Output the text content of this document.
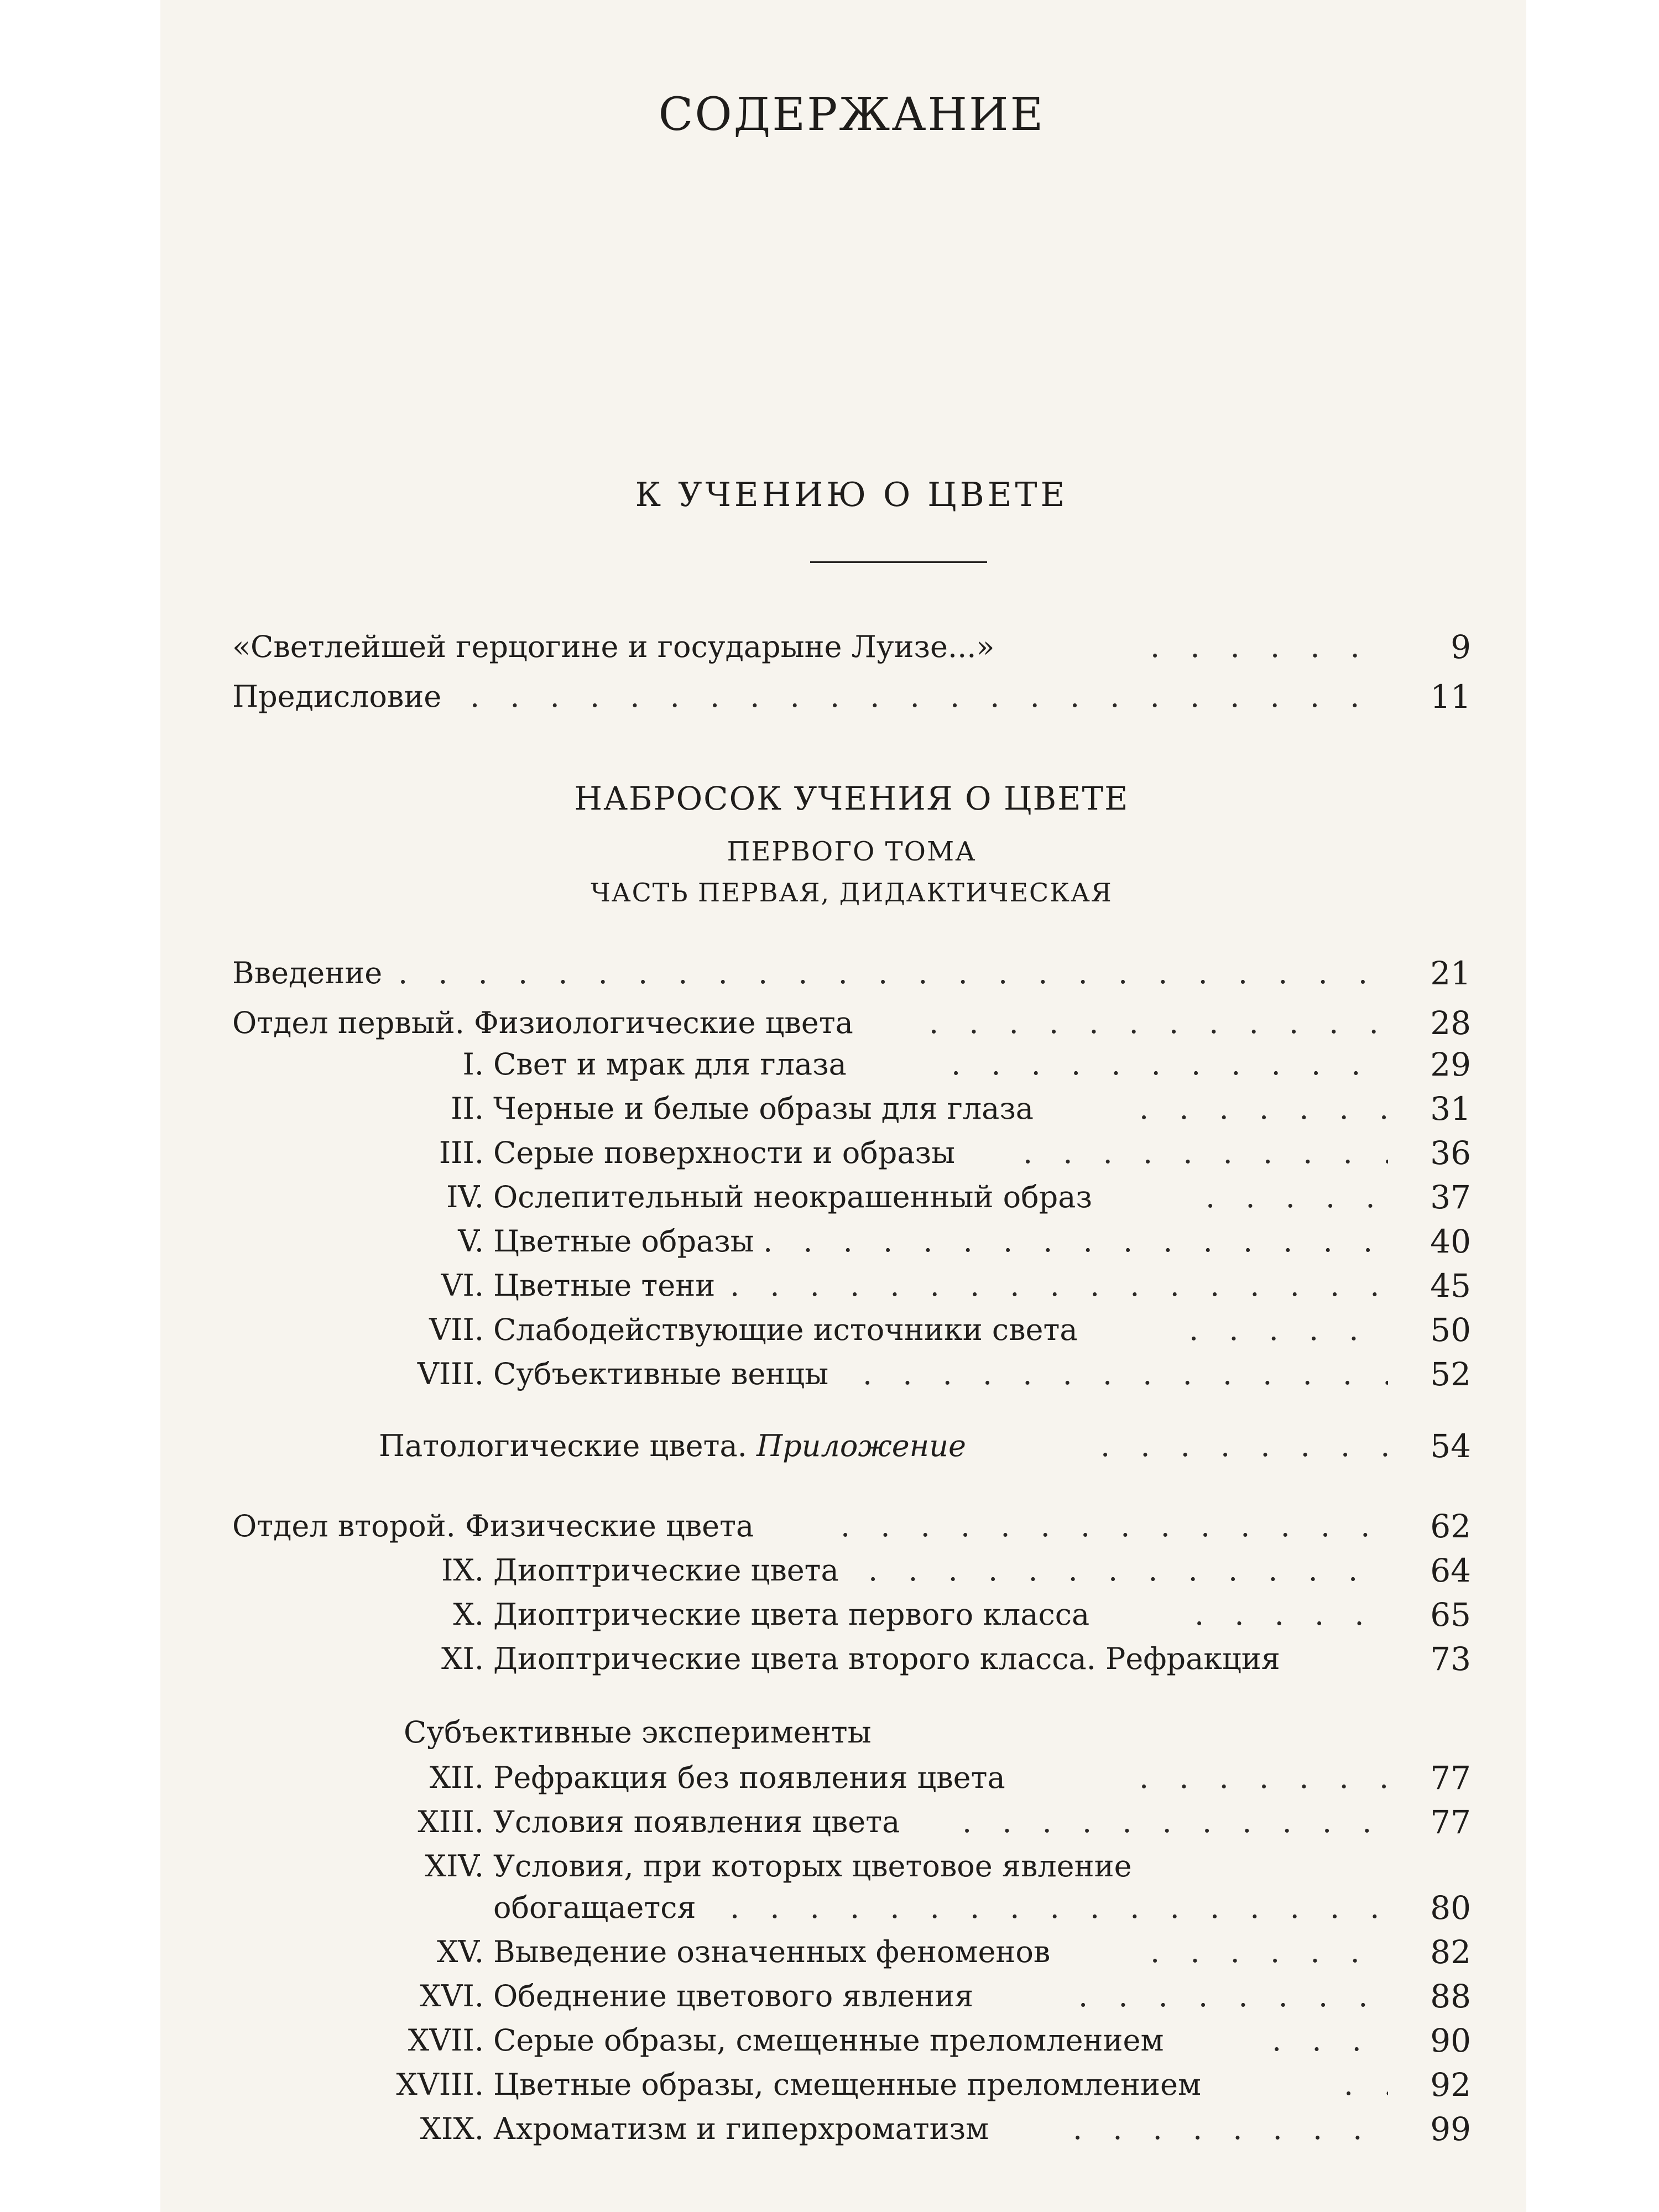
СОДЕРЖАНИЕ
К УЧЕНИЮ О ЦВЕТЕ
«Светлейшей герцогине и государыне Луизе...» . . .	9
Предисловие . . .	11
НАБРОСОК УЧЕНИЯ О ЦВЕТЕ
ПЕРВОГО ТОМА
ЧАСТЬ ПЕРВАЯ, ДИДАКТИЧЕСКАЯ
Введение . . .	21
Отдел первый. Физиологические цвета . . .	28
I. Свет и мрак для глаза . . .	29
II. Черные и белые образы для глаза . . .	31
III. Серые поверхности и образы . . .	36
IV. Ослепительный неокрашенный образ . . .	37
V. Цветные образы . . .	40
VI. Цветные тени . . .	45
VII. Слабодействующие источники света . . .	50
VIII. Субъективные венцы . . .	52
Патологические цвета. Приложение . . .	54
Отдел второй. Физические цвета . . .	62
IX. Диоптрические цвета . . .	64
X. Диоптрические цвета первого класса . . .	65
XI. Диоптрические цвета второго класса. Рефракция	73
Субъективные эксперименты
XII. Рефракция без появления цвета . . .	77
XIII. Условия появления цвета . . .	77
XIV. Условия, при которых цветовое явление
обогащается . . .	80
XV. Выведение означенных феноменов . . .	82
XVI. Обеднение цветового явления . . .	88
XVII. Серые образы, смещенные преломлением . . .	90
XVIII. Цветные образы, смещенные преломлением . . .	92
XIX. Ахроматизм и гиперхроматизм . . .	99
